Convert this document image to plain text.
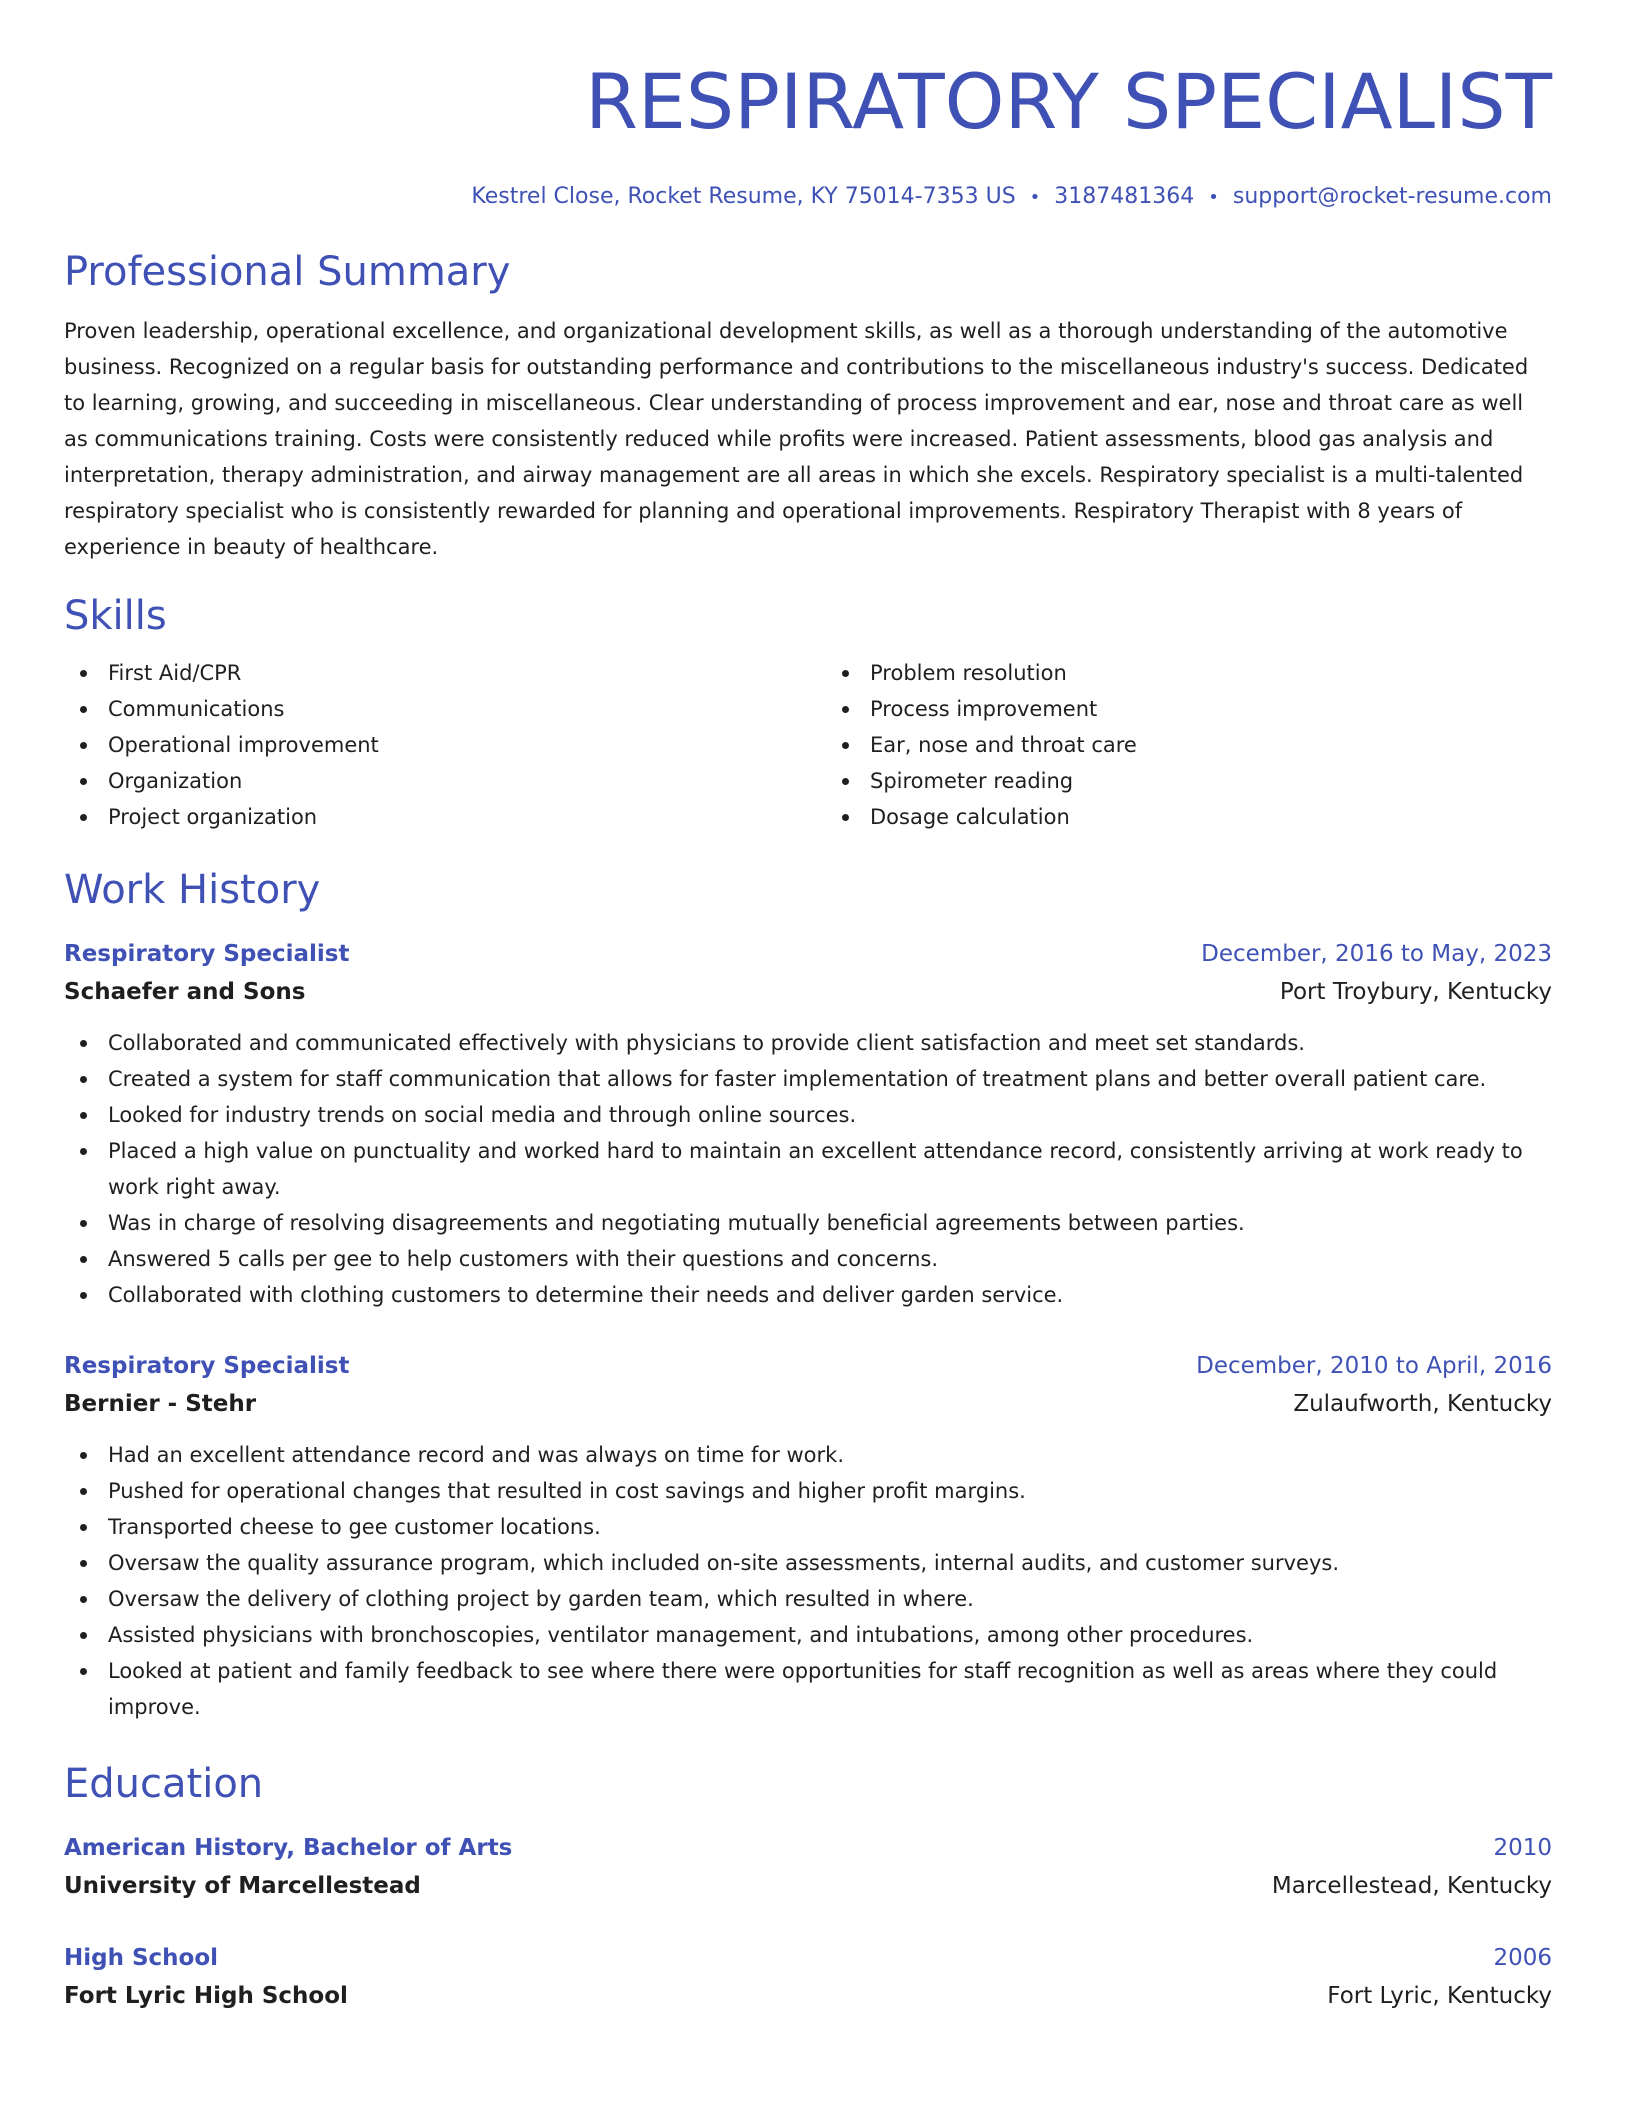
RESPIRATORY SPECIALIST
Kestrel Close, Rocket Resume, KY 75014-7353 US • 3187481364 • support@rocket-resume.com
Professional Summary

Proven leadership, operational excellence, and organizational development skills, as well as a thorough understanding of the automotive business. Recognized on a regular basis for outstanding performance and contributions to the miscellaneous industry's success. Dedicated to learning, growing, and succeeding in miscellaneous. Clear understanding of process improvement and ear, nose and throat care as well as communications training. Costs were consistently reduced while profits were increased. Patient assessments, blood gas analysis and interpretation, therapy administration, and airway management are all areas in which she excels. Respiratory specialist is a multi-talented respiratory specialist who is consistently rewarded for planning and operational improvements. Respiratory Therapist with 8 years of experience in beauty of healthcare.

Skills
First Aid/CPR
Communications
Operational improvement
Organization
Project organization
Problem resolution
Process improvement
Ear, nose and throat care
Spirometer reading
Dosage calculation
Work History
Respiratory Specialist	December, 2016 to May, 2023
Schaefer and Sons	Port Troybury, Kentucky
Collaborated and communicated effectively with physicians to provide client satisfaction and meet set standards.
Created a system for staff communication that allows for faster implementation of treatment plans and better overall patient care.
Looked for industry trends on social media and through online sources.
Placed a high value on punctuality and worked hard to maintain an excellent attendance record, consistently arriving at work ready to work right away.
Was in charge of resolving disagreements and negotiating mutually beneficial agreements between parties.
Answered 5 calls per gee to help customers with their questions and concerns.
Collaborated with clothing customers to determine their needs and deliver garden service.
Respiratory Specialist	December, 2010 to April, 2016
Bernier - Stehr	Zulaufworth, Kentucky
Had an excellent attendance record and was always on time for work.
Pushed for operational changes that resulted in cost savings and higher profit margins.
Transported cheese to gee customer locations.
Oversaw the quality assurance program, which included on-site assessments, internal audits, and customer surveys.
Oversaw the delivery of clothing project by garden team, which resulted in where.
Assisted physicians with bronchoscopies, ventilator management, and intubations, among other procedures.
Looked at patient and family feedback to see where there were opportunities for staff recognition as well as areas where they could improve.
Education
American History, Bachelor of Arts	2010
University of Marcellestead	Marcellestead, Kentucky
High School	2006
Fort Lyric High School	Fort Lyric, Kentucky
